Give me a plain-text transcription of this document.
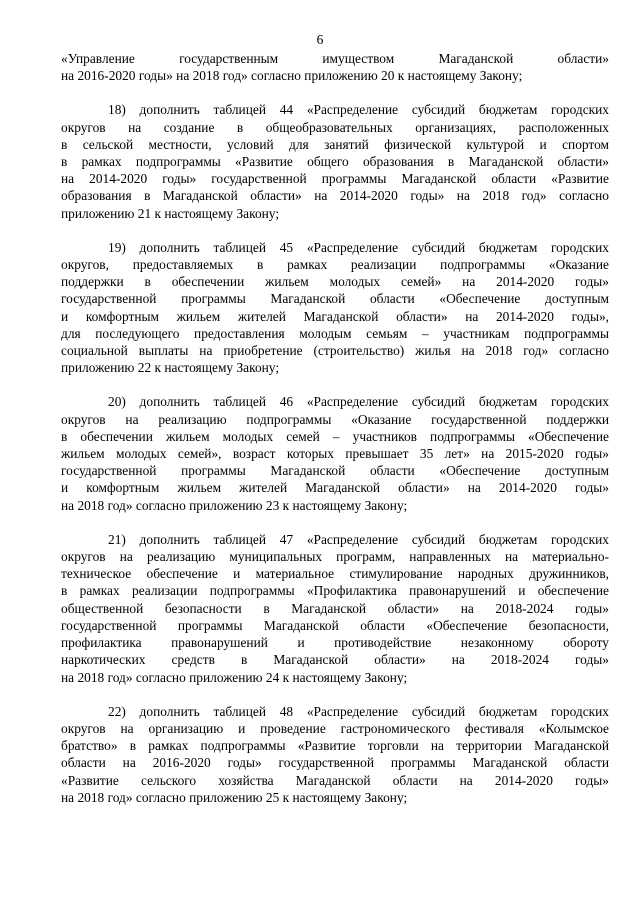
6
«Управление государственным имуществом Магаданской области»
на 2016-2020 годы» на 2018 год» согласно приложению 20 к настоящему Закону;
18) дополнить таблицей 44 «Распределение субсидий бюджетам городских
округов на создание в общеобразовательных организациях, расположенных
в сельской местности, условий для занятий физической культурой и спортом
в рамках подпрограммы «Развитие общего образования в Магаданской области»
на 2014-2020 годы» государственной программы Магаданской области «Развитие
образования в Магаданской области» на 2014-2020 годы» на 2018 год» согласно
приложению 21 к настоящему Закону;
19) дополнить таблицей 45 «Распределение субсидий бюджетам городских
округов, предоставляемых в рамках реализации подпрограммы «Оказание
поддержки в обеспечении жильем молодых семей» на 2014-2020 годы»
государственной программы Магаданской области «Обеспечение доступным
и комфортным жильем жителей Магаданской области» на 2014-2020 годы»,
для последующего предоставления молодым семьям – участникам подпрограммы
социальной выплаты на приобретение (строительство) жилья на 2018 год» согласно
приложению 22 к настоящему Закону;
20) дополнить таблицей 46 «Распределение субсидий бюджетам городских
округов на реализацию подпрограммы «Оказание государственной поддержки
в обеспечении жильем молодых семей – участников подпрограммы «Обеспечение
жильем молодых семей», возраст которых превышает 35 лет» на 2015-2020 годы»
государственной программы Магаданской области «Обеспечение доступным
и комфортным жильем жителей Магаданской области» на 2014-2020 годы»
на 2018 год» согласно приложению 23 к настоящему Закону;
21) дополнить таблицей 47 «Распределение субсидий бюджетам городских
округов на реализацию муниципальных программ, направленных на материально-
техническое обеспечение и материальное стимулирование народных дружинников,
в рамках реализации подпрограммы «Профилактика правонарушений и обеспечение
общественной безопасности в Магаданской области» на 2018-2024 годы»
государственной программы Магаданской области «Обеспечение безопасности,
профилактика правонарушений и противодействие незаконному обороту
наркотических средств в Магаданской области» на 2018-2024 годы»
на 2018 год» согласно приложению 24 к настоящему Закону;
22) дополнить таблицей 48 «Распределение субсидий бюджетам городских
округов на организацию и проведение гастрономического фестиваля «Колымское
братство» в рамках подпрограммы «Развитие торговли на территории Магаданской
области на 2016-2020 годы» государственной программы Магаданской области
«Развитие сельского хозяйства Магаданской области на 2014-2020 годы»
на 2018 год» согласно приложению 25 к настоящему Закону;
